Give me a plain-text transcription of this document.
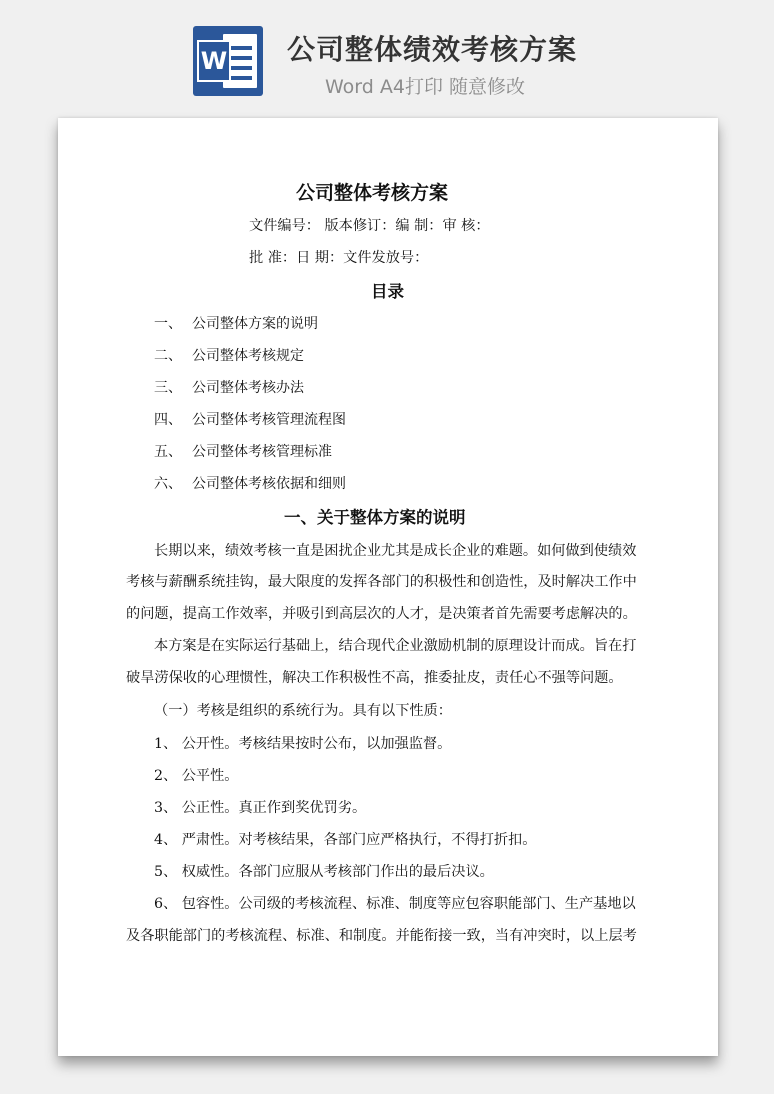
W 公司整体绩效考核方案
Word A4打印 随意修改

公司整体考核方案
文件编号： 版本修订：编 制：审 核：
批 准：日 期：文件发放号：
目录
一、 公司整体方案的说明
二、 公司整体考核规定
三、 公司整体考核办法
四、 公司整体考核管理流程图
五、 公司整体考核管理标准
六、 公司整体考核依据和细则
一、关于整体方案的说明
长期以来，绩效考核一直是困扰企业尤其是成长企业的难题。如何做到使绩效
考核与薪酬系统挂钩，最大限度的发挥各部门的积极性和创造性，及时解决工作中
的问题，提高工作效率，并吸引到高层次的人才，是决策者首先需要考虑解决的。
本方案是在实际运行基础上，结合现代企业激励机制的原理设计而成。旨在打
破旱涝保收的心理惯性，解决工作积极性不高，推委扯皮，责任心不强等问题。
（一）考核是组织的系统行为。具有以下性质：
1、 公开性。考核结果按时公布，以加强监督。
2、 公平性。
3、 公正性。真正作到奖优罚劣。
4、 严肃性。对考核结果，各部门应严格执行，不得打折扣。
5、 权威性。各部门应服从考核部门作出的最后决议。
6、 包容性。公司级的考核流程、标准、制度等应包容职能部门、生产基地以
及各职能部门的考核流程、标准、和制度。并能衔接一致，当有冲突时，以上层考
